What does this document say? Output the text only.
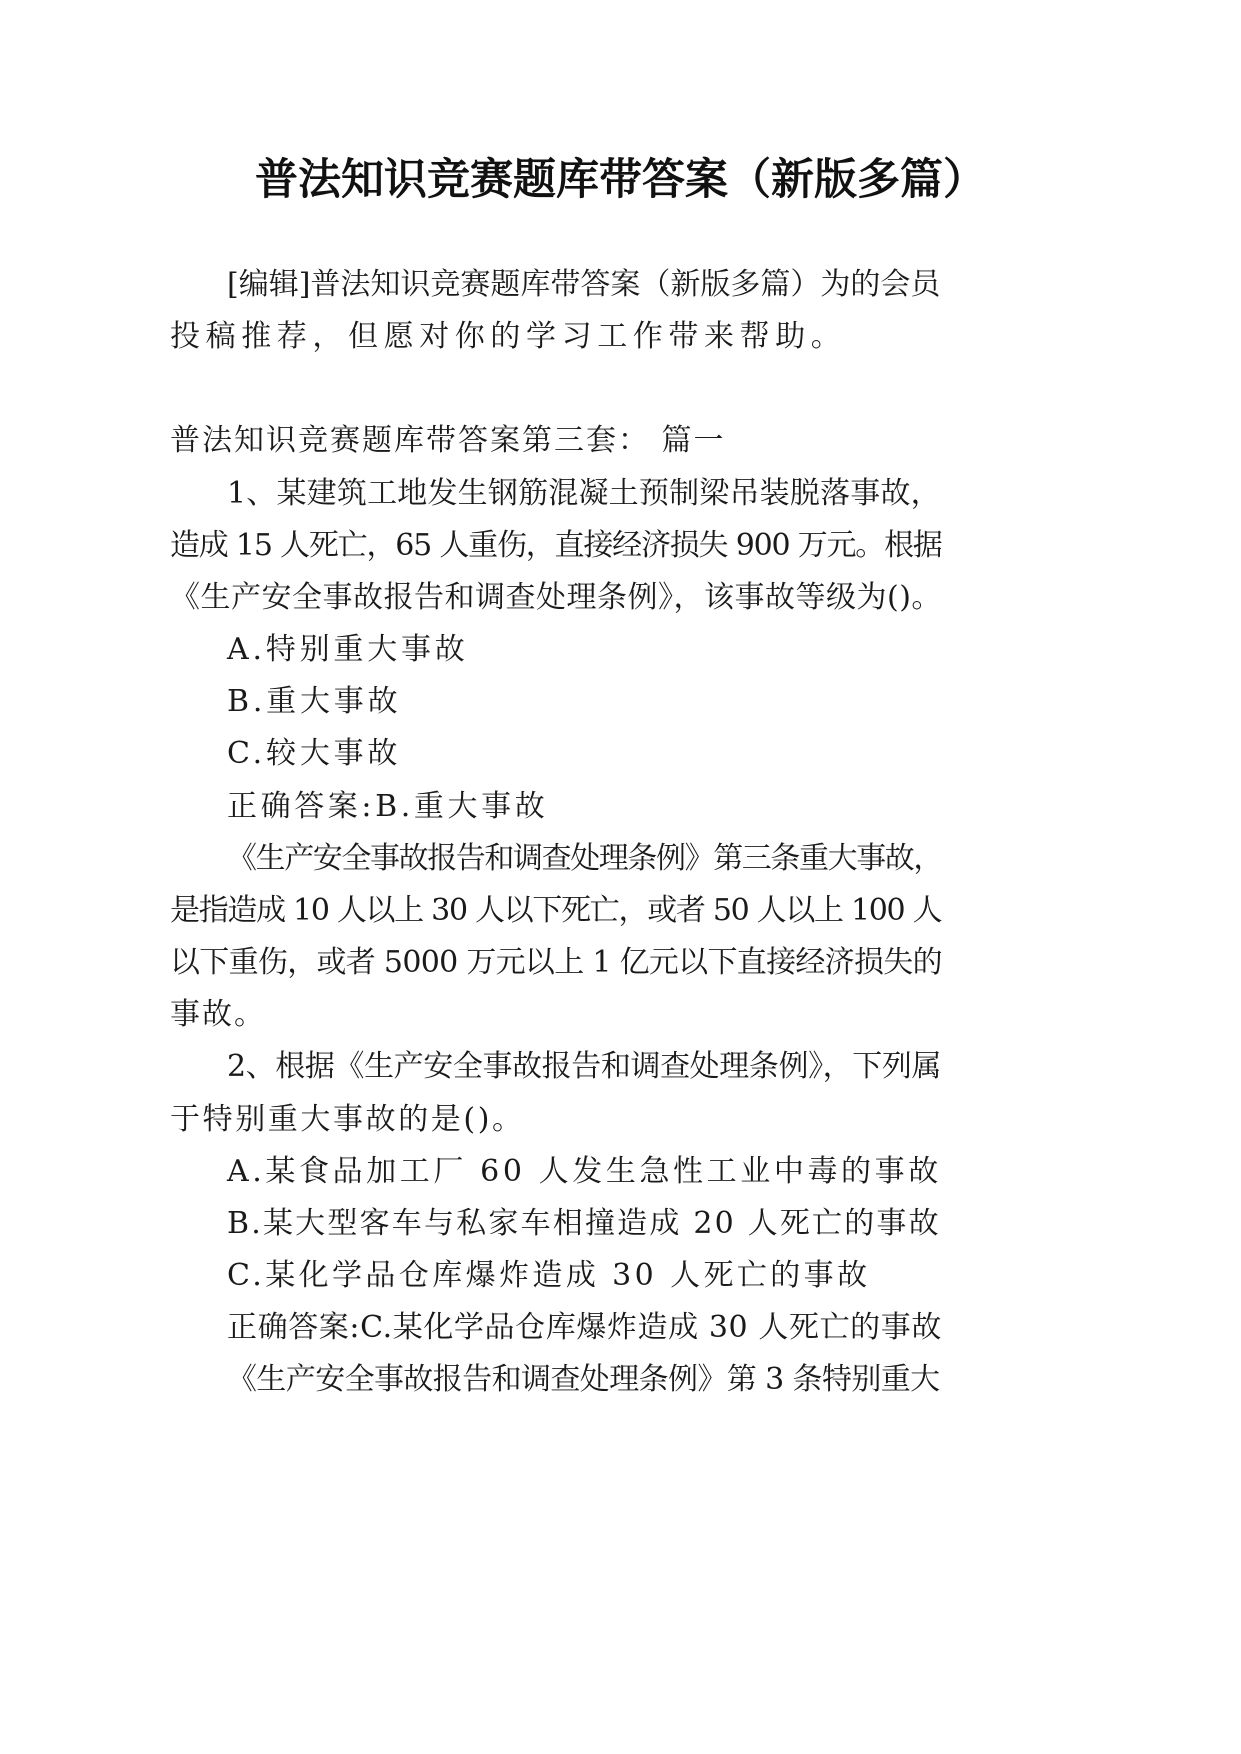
普法知识竞赛题库带答案（新版多篇）
[编辑]普法知识竞赛题库带答案（新版多篇）为的会员
投稿推荐，但愿对你的学习工作带来帮助。
普法知识竞赛题库带答案第三套： 篇一
1、某建筑工地发生钢筋混凝土预制梁吊装脱落事故，
造成 15 人死亡，65 人重伤，直接经济损失 900 万元。根据
《生产安全事故报告和调查处理条例》，该事故等级为()。
A.特别重大事故
B.重大事故
C.较大事故
正确答案:B.重大事故
《生产安全事故报告和调查处理条例》第三条重大事故，
是指造成 10 人以上 30 人以下死亡，或者 50 人以上 100 人
以下重伤，或者 5000 万元以上 1 亿元以下直接经济损失的
事故。
2、根据《生产安全事故报告和调查处理条例》，下列属
于特别重大事故的是()。
A.某食品加工厂 60 人发生急性工业中毒的事故
B.某大型客车与私家车相撞造成 20 人死亡的事故
C.某化学品仓库爆炸造成 30 人死亡的事故
正确答案:C.某化学品仓库爆炸造成 30 人死亡的事故
《生产安全事故报告和调查处理条例》第 3 条特别重大
